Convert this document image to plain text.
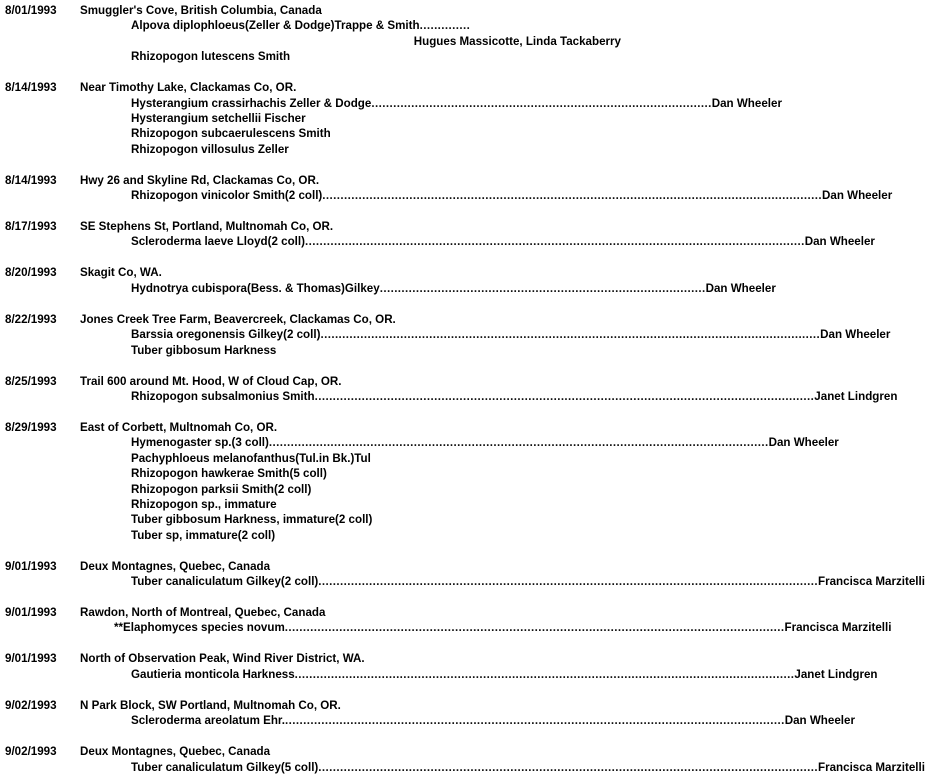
8/01/1993	Smuggler's Cove, British Columbia, Canada
Alpova diplophloeus(Zeller & Dodge)Trappe & Smith ..............
Hugues Massicotte, Linda Tackaberry
Rhizopogon lutescens Smith
8/14/1993	Near Timothy Lake, Clackamas Co, OR.
Hysterangium crassirhachis Zeller & Dodge .............................................................................................. Dan Wheeler
Hysterangium setchellii Fischer
Rhizopogon subcaerulescens Smith
Rhizopogon villosulus Zeller
8/14/1993	Hwy 26 and Skyline Rd, Clackamas Co, OR.
Rhizopogon vinicolor Smith(2 coll) .......................................................................................................................................... Dan Wheeler
8/17/1993	SE Stephens St, Portland, Multnomah Co, OR.
Scleroderma laeve Lloyd(2 coll) .......................................................................................................................................... Dan Wheeler
8/20/1993	Skagit Co, WA.
Hydnotrya cubispora(Bess. & Thomas)Gilkey .......................................................................................... Dan Wheeler
8/22/1993	Jones Creek Tree Farm, Beavercreek, Clackamas Co, OR.
Barssia oregonensis Gilkey(2 coll) .......................................................................................................................................... Dan Wheeler
Tuber gibbosum Harkness
8/25/1993	Trail 600 around Mt. Hood, W of Cloud Cap, OR.
Rhizopogon subsalmonius Smith .......................................................................................................................................... Janet Lindgren
8/29/1993	East of Corbett, Multnomah Co, OR.
Hymenogaster sp.(3 coll) .......................................................................................................................................... Dan Wheeler
Pachyphloeus melanofanthus(Tul.in Bk.)Tul
Rhizopogon hawkerae Smith(5 coll)
Rhizopogon parksii Smith(2 coll)
Rhizopogon sp., immature
Tuber gibbosum Harkness, immature(2 coll)
Tuber sp, immature(2 coll)
9/01/1993	Deux Montagnes, Quebec, Canada
Tuber canaliculatum Gilkey(2 coll) .......................................................................................................................................... Francisca Marzitelli
9/01/1993	Rawdon, North of Montreal, Quebec, Canada
**Elaphomyces species novum .......................................................................................................................................... Francisca Marzitelli
9/01/1993	North of Observation Peak, Wind River District, WA.
Gautieria monticola Harkness .......................................................................................................................................... Janet Lindgren
9/02/1993	N Park Block, SW Portland, Multnomah Co, OR.
Scleroderma areolatum Ehr. .......................................................................................................................................... Dan Wheeler
9/02/1993	Deux Montagnes, Quebec, Canada
Tuber canaliculatum Gilkey(5 coll) .......................................................................................................................................... Francisca Marzitelli
